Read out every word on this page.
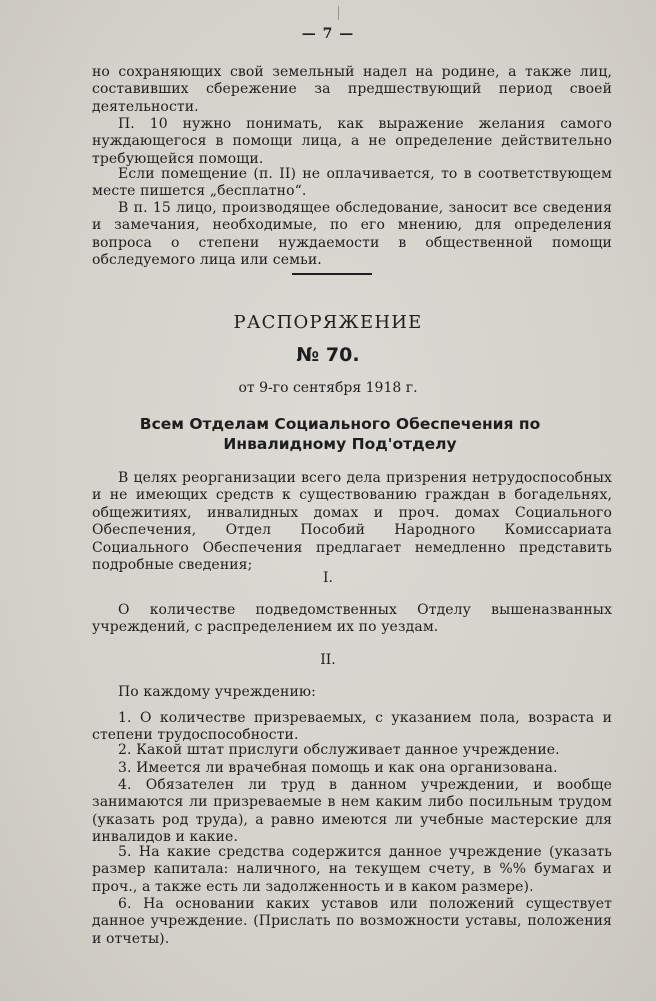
— 7 —

но сохраняющих свой земельный надел на родине, а также лиц, составивших сбережение за предшествующий период своей деятельности.

П. 10 нужно понимать, как выражение желания самого нуждающегося в помощи лица, а не определение действительно требующейся помощи.

Если помещение (п. II) не оплачивается, то в соответствующем месте пишется „бесплатно“.

В п. 15 лицо, производящее обследование, заносит все сведения и замечания, необходимые, по его мнению, для определения вопроса о степени нуждаемости в общественной помощи обследуемого лица или семьи.

РАСПОРЯЖЕНИЕ
№ 70.
от 9-го сентября 1918 г.
Всем Отделам Социального Обеспечения по Инвалидному Под'отделу

В целях реорганизации всего дела призрения нетрудоспособных и не имеющих средств к существованию граждан в богадельнях, общежитиях, инвалидных домах и проч. домах Социального Обеспечения, Отдел Пособий Народного Комиссариата Социального Обеспечения предлагает немедленно представить подробные сведения;

I.

О количестве подведомственных Отделу вышеназванных учреждений, с распределением их по уездам.

II.

По каждому учреждению:

1. О количестве призреваемых, с указанием пола, возраста и степени трудоспособности.

2. Какой штат прислуги обслуживает данное учреждение.

3. Имеется ли врачебная помощь и как она организована.

4. Обязателен ли труд в данном учреждении, и вообще занимаются ли призреваемые в нем каким либо посильным трудом (указать род труда), а равно имеются ли учебные мастерские для инвалидов и какие.

5. На какие средства содержится данное учреждение (указать размер капитала: наличного, на текущем счету, в %% бумагах и проч., а также есть ли задолженность и в каком размере).

6. На основании каких уставов или положений существует данное учреждение. (Прислать по возможности уставы, положения и отчеты).
